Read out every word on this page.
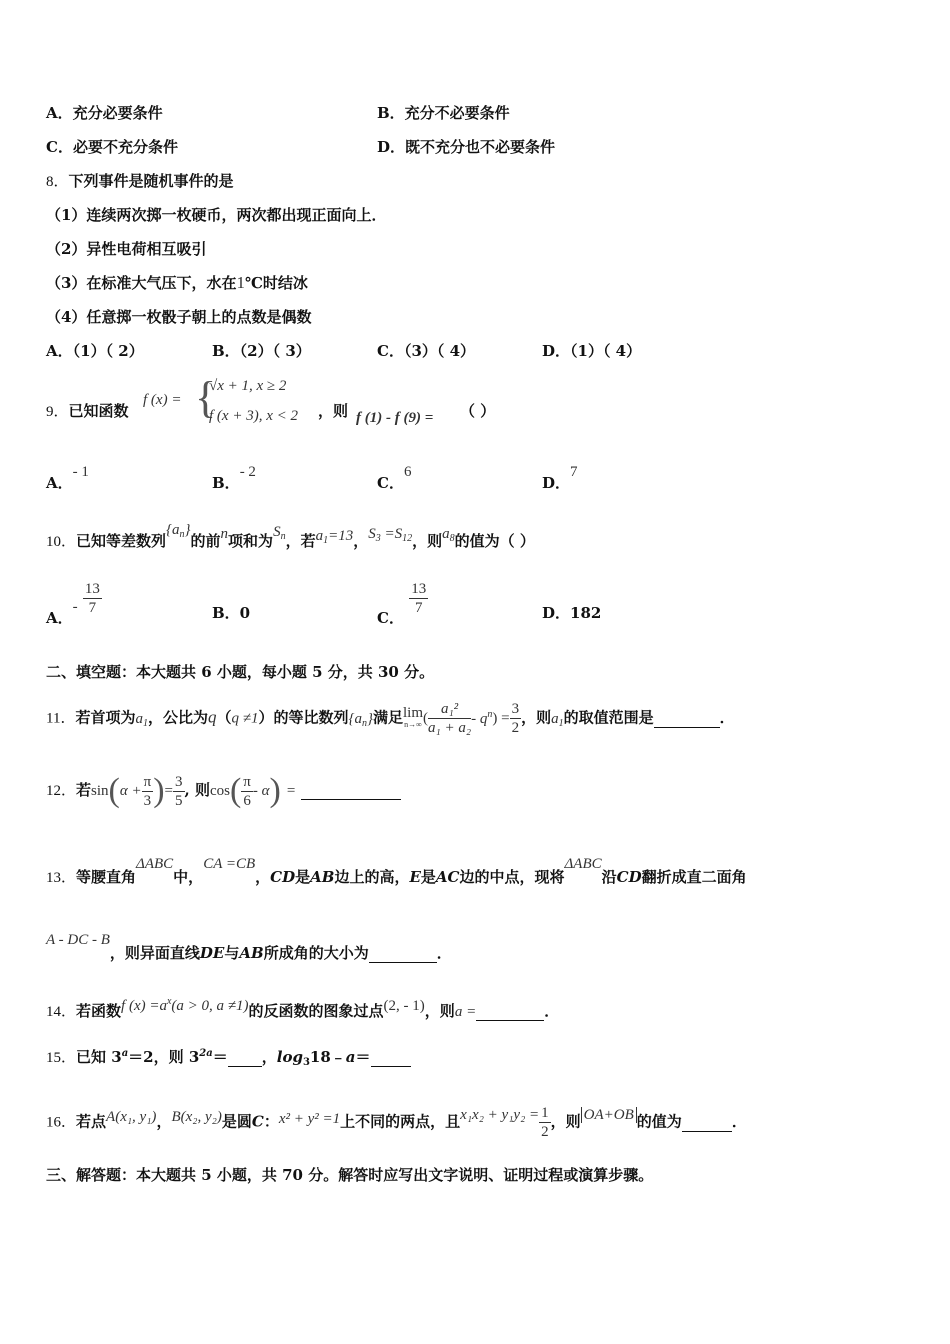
A．充分必要条件	B．充分不必要条件
C．必要不充分条件	D．既不充分也不必要条件
8．下列事件是随机事件的是
（1）连续两次掷一枚硬币，两次都出现正面向上．
（2）异性电荷相互吸引
（3）在标准大气压下，水在1℃时结冰
（4）任意掷一枚骰子朝上的点数是偶数
A．（1）（ 2）	B．（2）（ 3）	C．（3）（ 4）	D．（1）（ 4）
9．已知函数
f (x) = {
√x + 1, x ≥ 2
f (x + 3), x < 2 ，则 f (1) - f (9) = （ ）
A．- 1
B．- 2
C．6
D．7
10．已知等差数列$\{a_n\}$的前n项和为$S_n$，若$a_1=13$，$S_3 =S_{12}$，则$a_8$的值为（ ）
A．- $\frac{13}{7}$	B．0	C．
$\frac{13}{7}$	D．182
二、填空题：本大题共 6 小题，每小题 5 分，共 30 分。
11．若首项为$a_1$，公比为q（q ≠1）的等比数列$\{a_n\}$满足 lim
n→∞ ( $\frac{\text{a₁²}}{\text{a₁ + a₂}} - q^n) = \frac{3}{2}$ ，则$a_1$的取值范围是	．
12．若$\sin(\alpha + \frac{\pi}{3}$ )= $\frac{3}{5}$ , 则$\cos( \frac{\pi}{6} - \alpha)$ =
13．等腰直角ΔABC中，CA =CB，CD是AB边上的高，E是AC边的中点，现将ΔABC沿CD翻折成直二面角
A - DC - B，则异面直线DE与AB所成角的大小为	．
14．若函数f $(x) =a^x(a > 0$, a ≠1)的反函数的图象过点(2, - 1)，则a =	．
15．已知 $3^a=2$，则 $3^{2a}=$ ，$\log_318﹣a=$
16．若点A(x₁, y₁)，B(x₂, y₂)是圆C：x² + y² =1上不同的两点，且$x_1x_2 + y_1y_2 = \frac{1}{2}$ ，则 OA+OB 的值为	．
三、解答题：本大题共 5 小题，共 70 分。解答时应写出文字说明、证明过程或演算步骤。
